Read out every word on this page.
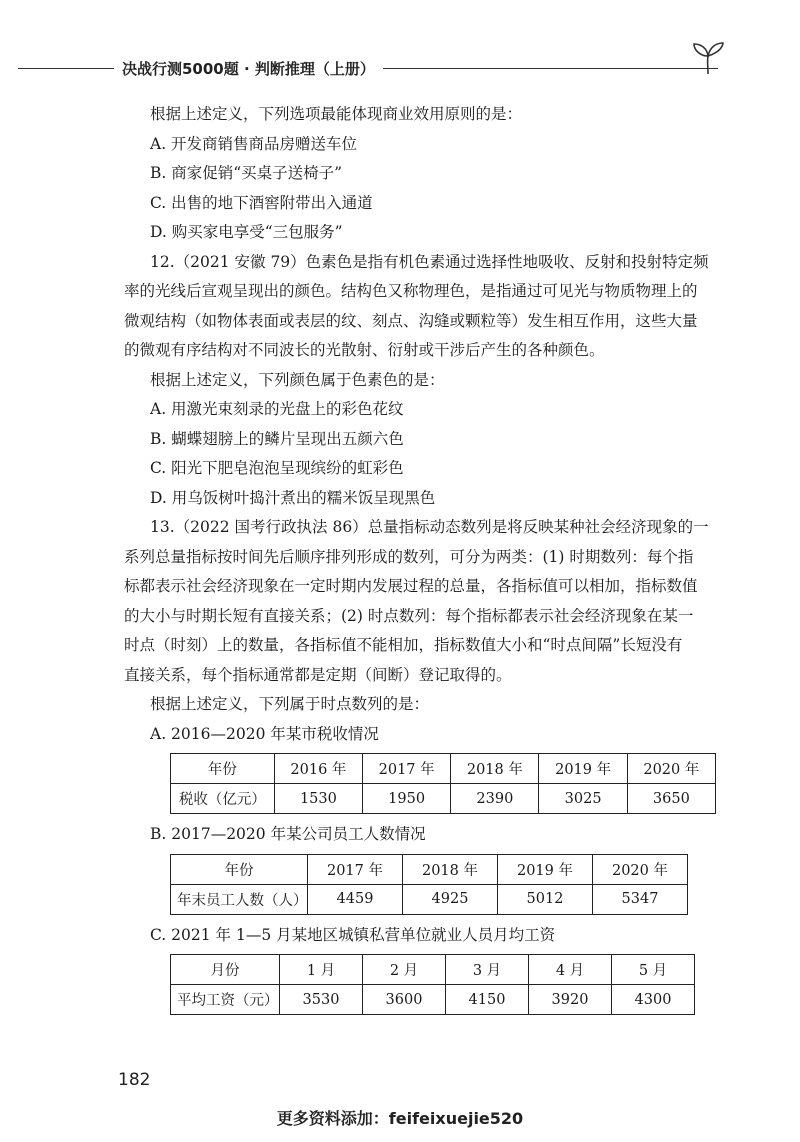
决战行测5000题 · 判断推理（上册）

根据上述定义，下列选项最能体现商业效用原则的是：

A. 开发商销售商品房赠送车位

B. 商家促销“买桌子送椅子”

C. 出售的地下酒窖附带出入通道

D. 购买家电享受“三包服务”

12.（2021 安徽 79）色素色是指有机色素通过选择性地吸收、反射和投射特定频

率的光线后宣观呈现出的颜色。结构色又称物理色，是指通过可见光与物质物理上的

微观结构（如物体表面或表层的纹、刻点、沟缝或颗粒等）发生相互作用，这些大量

的微观有序结构对不同波长的光散射、衍射或干涉后产生的各种颜色。

根据上述定义，下列颜色属于色素色的是：

A. 用激光束刻录的光盘上的彩色花纹

B. 蝴蝶翅膀上的鳞片呈现出五颜六色

C. 阳光下肥皂泡泡呈现缤纷的虹彩色

D. 用乌饭树叶捣汁煮出的糯米饭呈现黑色

13.（2022 国考行政执法 86）总量指标动态数列是将反映某种社会经济现象的一

系列总量指标按时间先后顺序排列形成的数列，可分为两类：(1) 时期数列：每个指

标都表示社会经济现象在一定时期内发展过程的总量，各指标值可以相加，指标数值

的大小与时期长短有直接关系；(2) 时点数列：每个指标都表示社会经济现象在某一

时点（时刻）上的数量，各指标值不能相加，指标数值大小和“时点间隔”长短没有

直接关系，每个指标通常都是定期（间断）登记取得的。

根据上述定义，下列属于时点数列的是：

A. 2016—2020 年某市税收情况

年份	2016 年	2017 年	2018 年	2019 年	2020 年
税收（亿元）	1530	1950	2390	3025	3650

B. 2017—2020 年某公司员工人数情况

年份	2017 年	2018 年	2019 年	2020 年
年末员工人数（人）	4459	4925	5012	5347

C. 2021 年 1—5 月某地区城镇私营单位就业人员月均工资

月份	1 月	2 月	3 月	4 月	5 月
平均工资（元）	3530	3600	4150	3920	4300
182
更多资料添加：feifeixuejie520
